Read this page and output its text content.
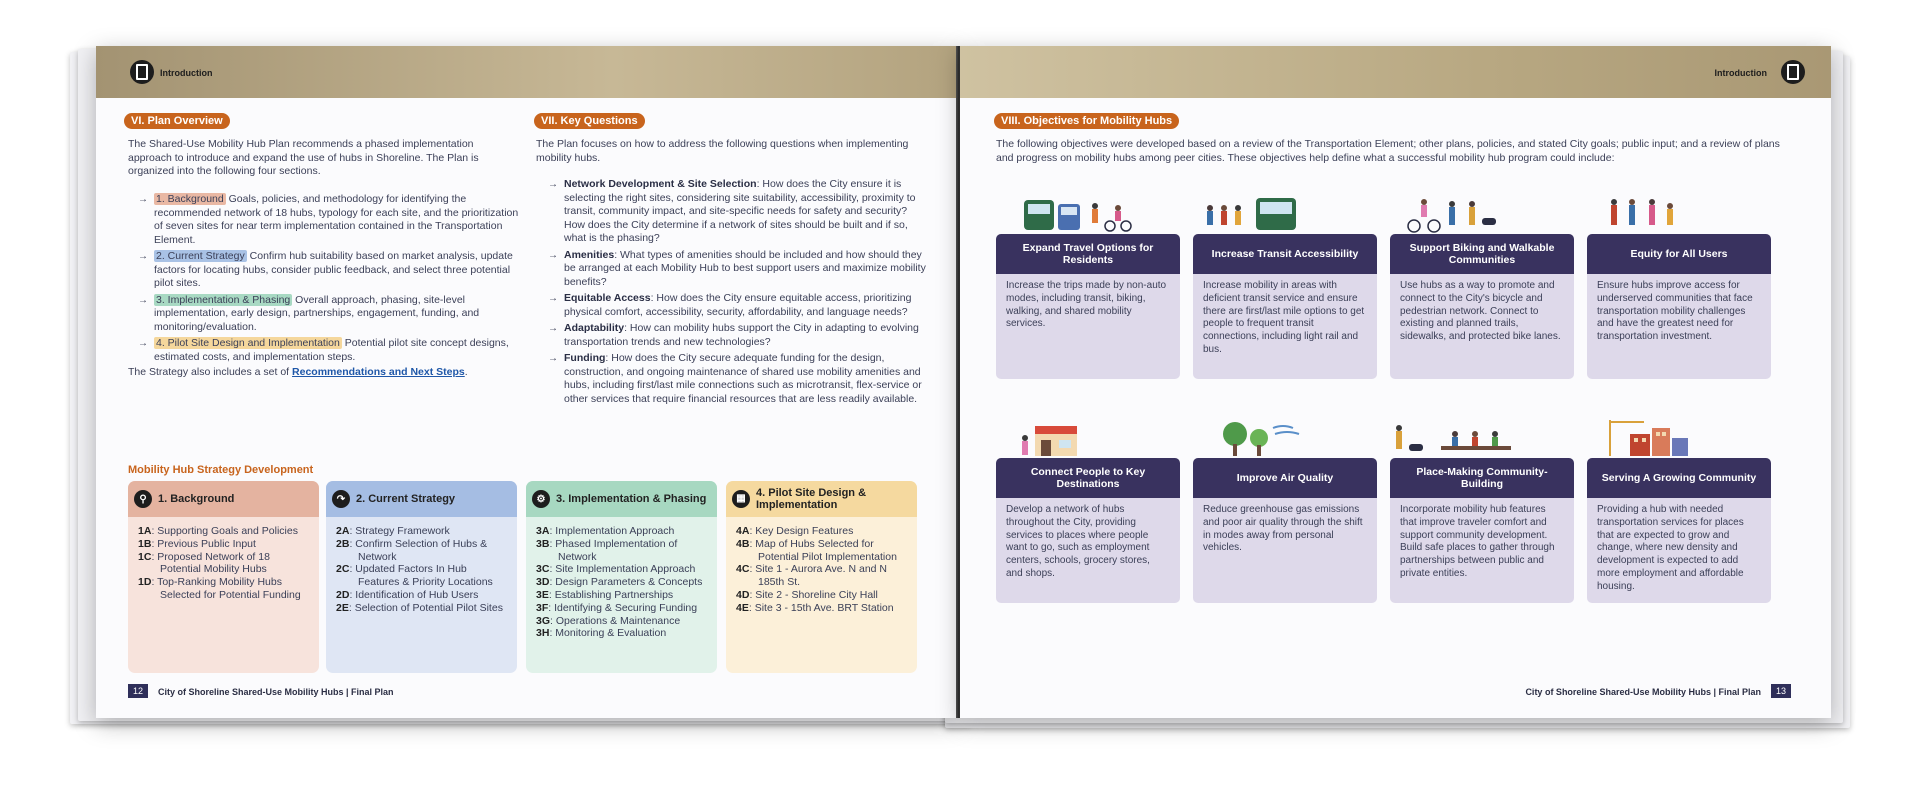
Introduction
VI. Plan Overview
The Shared-Use Mobility Hub Plan recommends a phased implementation approach to introduce and expand the use of hubs in Shoreline. The Plan is organized into the following four sections.
→ 1. Background Goals, policies, and methodology for identifying the recommended network of 18 hubs, typology for each site, and the prioritization of seven sites for near term implementation contained in the Transportation Element.
→ 2. Current Strategy Confirm hub suitability based on market analysis, update factors for locating hubs, consider public feedback, and select three potential pilot sites.
→ 3. Implementation & Phasing Overall approach, phasing, site-level implementation, early design, partnerships, engagement, funding, and monitoring/evaluation.
→ 4. Pilot Site Design and Implementation Potential pilot site concept designs, estimated costs, and implementation steps.
The Strategy also includes a set of Recommendations and Next Steps.
VII. Key Questions
The Plan focuses on how to address the following questions when implementing mobility hubs.
→ Network Development & Site Selection: How does the City ensure it is selecting the right sites, considering site suitability, accessibility, proximity to transit, community impact, and site-specific needs for safety and security? How does the City determine if a network of sites should be built and if so, what is the phasing?
→ Amenities: What types of amenities should be included and how should they be arranged at each Mobility Hub to best support users and maximize mobility benefits?
→ Equitable Access: How does the City ensure equitable access, prioritizing physical comfort, accessibility, security, affordability, and language needs?
→ Adaptability: How can mobility hubs support the City in adapting to evolving transportation trends and new technologies?
→ Funding: How does the City secure adequate funding for the design, construction, and ongoing maintenance of shared use mobility amenities and hubs, including first/last mile connections such as microtransit, flex-service or other services that require financial resources that are less readily available.
Mobility Hub Strategy Development
⚲	1. Background
1A: Supporting Goals and Policies
1B: Previous Public Input
1C: Proposed Network of 18 Potential Mobility Hubs
1D: Top-Ranking Mobility Hubs Selected for Potential Funding
↷ 2. Current Strategy
2A: Strategy Framework
2B: Confirm Selection of Hubs & Network
2C: Updated Factors In Hub Features & Priority Locations
2D: Identification of Hub Users
2E: Selection of Potential Pilot Sites
⚙ 3. Implementation & Phasing
3A: Implementation Approach
3B: Phased Implementation of Network
3C: Site Implementation Approach
3D: Design Parameters & Concepts
3E: Establishing Partnerships
3F: Identifying & Securing Funding
3G: Operations & Maintenance
3H: Monitoring & Evaluation
▦ 4. Pilot Site Design & Implementation
4A: Key Design Features
4B: Map of Hubs Selected for Potential Pilot Implementation
4C: Site 1 - Aurora Ave. N and N 185th St.
4D: Site 2 - Shoreline City Hall
4E: Site 3 - 15th Ave. BRT Station
12	City of Shoreline Shared-Use Mobility Hubs | Final Plan
Introduction
VIII. Objectives for Mobility Hubs
The following objectives were developed based on a review of the Transportation Element; other plans, policies, and stated City goals; public input; and a review of plans and progress on mobility hubs among peer cities. These objectives help define what a successful mobility hub program could include:
Expand Travel Options for Residents
Increase the trips made by non-auto modes, including transit, biking, walking, and shared mobility services.
Increase Transit Accessibility
Increase mobility in areas with deficient transit service and ensure there are first/last mile options to get people to frequent transit connections, including light rail and bus.
Support Biking and Walkable Communities
Use hubs as a way to promote and connect to the City's bicycle and pedestrian network. Connect to existing and planned trails, sidewalks, and protected bike lanes.
Equity for All Users
Ensure hubs improve access for underserved communities that face transportation mobility challenges and have the greatest need for transportation investment.
Connect People to Key Destinations
Develop a network of hubs throughout the City, providing services to places where people want to go, such as employment centers, schools, grocery stores, and shops.
Improve Air Quality
Reduce greenhouse gas emissions and poor air quality through the shift in modes away from personal vehicles.
Place-Making Community-Building
Incorporate mobility hub features that improve traveler comfort and support community development. Build safe places to gather through partnerships between public and private entities.
Serving A Growing Community
Providing a hub with needed transportation services for places that are expected to grow and change, where new density and development is expected to add more employment and affordable housing.
City of Shoreline Shared-Use Mobility Hubs | Final Plan	13
